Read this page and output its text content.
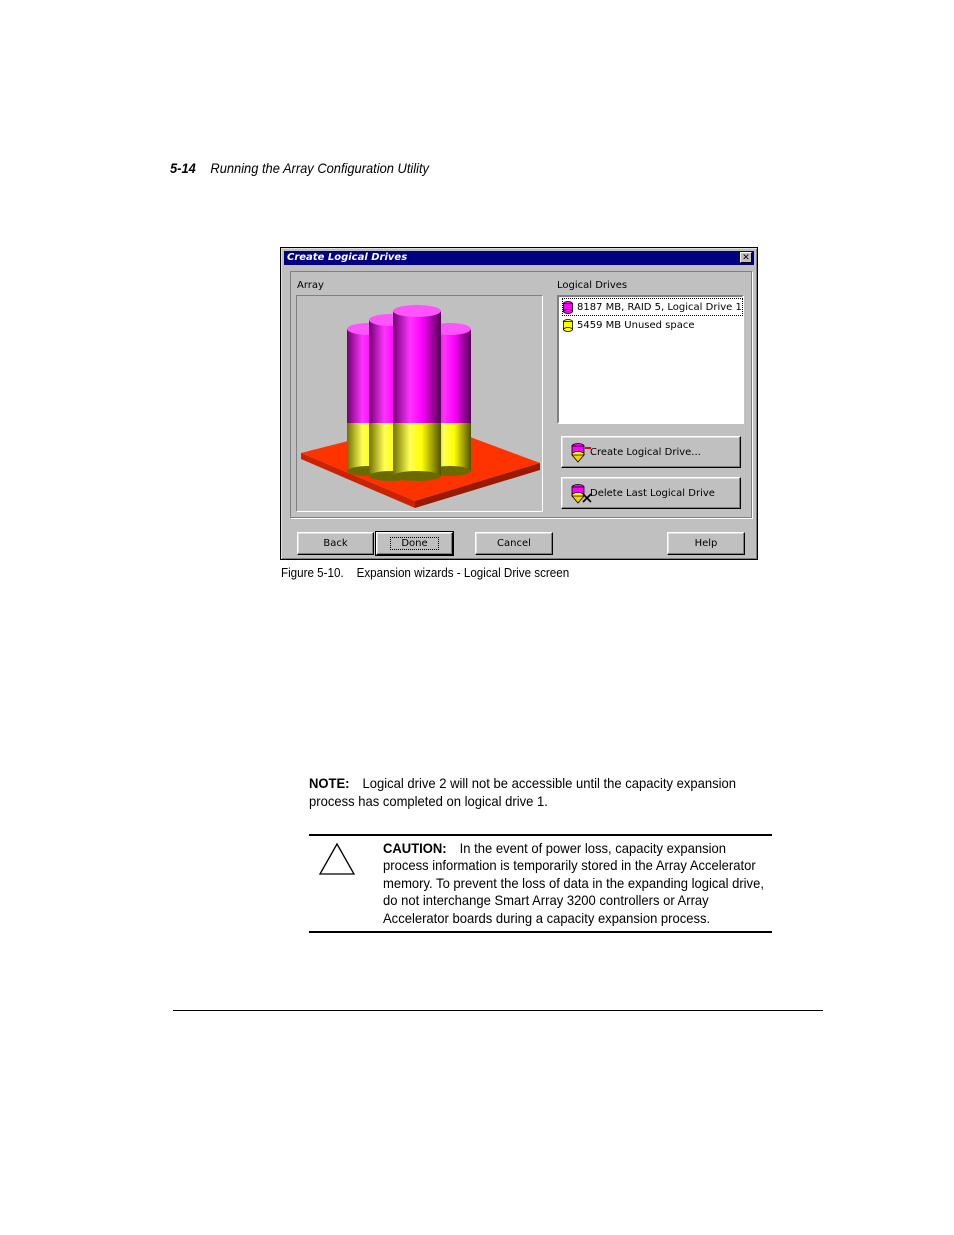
5-14 Running the Array Configuration Utility
Create Logical Drives	✕
Array	Logical Drives
8187 MB, RAID 5, Logical Drive 1
5459 MB Unused space
Create Logical Drive...
Delete Last Logical Drive
Back	Done	Cancel	Help
Figure 5-10.    Expansion wizards - Logical Drive screen
NOTE: Logical drive 2 will not be accessible until the capacity expansion process has completed on logical drive 1.
CAUTION: In the event of power loss, capacity expansion process information is temporarily stored in the Array Accelerator memory. To prevent the loss of data in the expanding logical drive, do not interchange Smart Array 3200 controllers or Array Accelerator boards during a capacity expansion process.
